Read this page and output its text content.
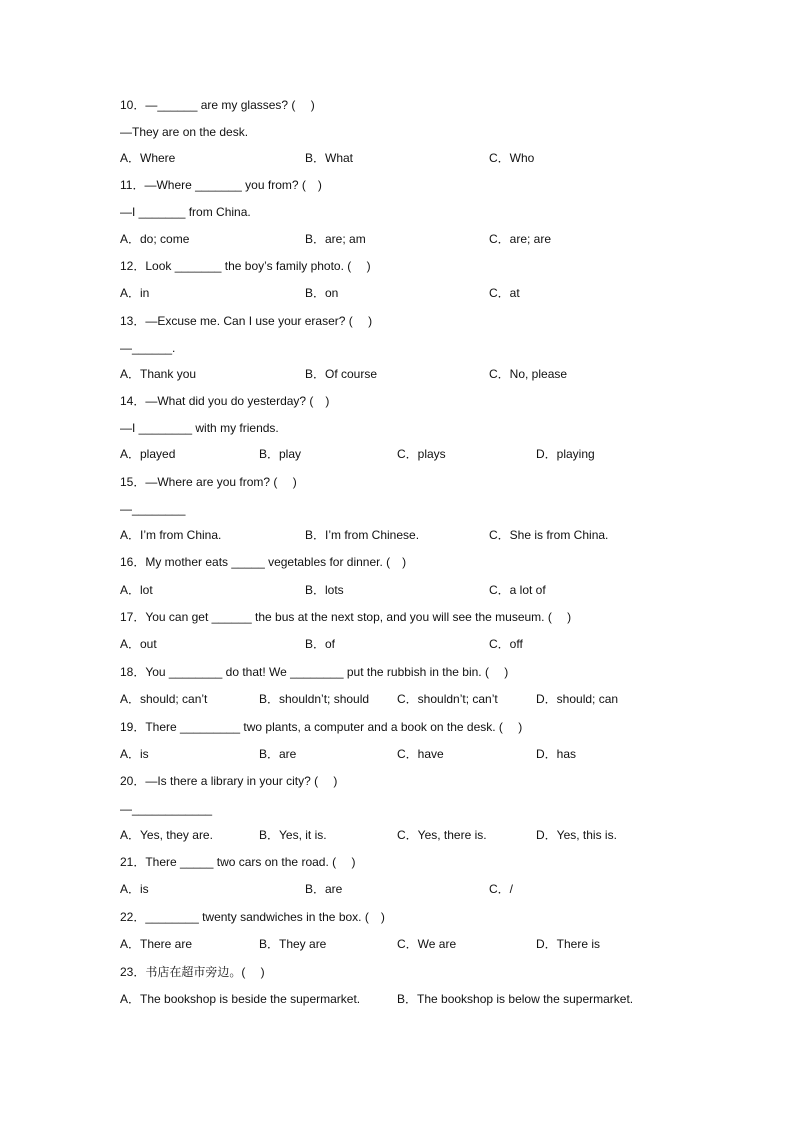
10．—______ are my glasses? (　 )
—They are on the desk.
A．Where	B．What	C．Who
11．—Where _______ you from? (　)
—I _______ from China.
A．do; come	B．are; am	C．are; are
12．Look _______ the boy’s family photo. (　 )
A．in	B．on	C．at
13．—Excuse me. Can I use your eraser? (　 )
—______.
A．Thank you	B．Of course	C．No, please
14．—What did you do yesterday? (　)
—I ________ with my friends.
A．played	B．play	C．plays	D．playing
15．—Where are you from? (　 )
—________
A．I’m from China.	B．I’m from Chinese.	C．She is from China.
16．My mother eats _____ vegetables for dinner. (　)
A．lot	B．lots	C．a lot of
17．You can get ______ the bus at the next stop, and you will see the museum. (　 )
A．out	B．of	C．off
18．You ________ do that! We ________ put the rubbish in the bin. (　 )
A．should; can’t	B．shouldn’t; should C．shouldn’t; can’t	D．should; can
19．There _________ two plants, a computer and a book on the desk. (　 )
A．is	B．are	C．have	D．has
20．—Is there a library in your city? (　 )
—____________
A．Yes, they are.	B．Yes, it is.	C．Yes, there is.	D．Yes, this is.
21．There _____ two cars on the road. (　 )
A．is	B．are	C．/
22．________ twenty sandwiches in the box. (　)
A．There are	B．They are	C．We are	D．There is
23．书店在超市旁边。(　 )
A．The bookshop is beside the supermarket.	B．The bookshop is below the supermarket.
